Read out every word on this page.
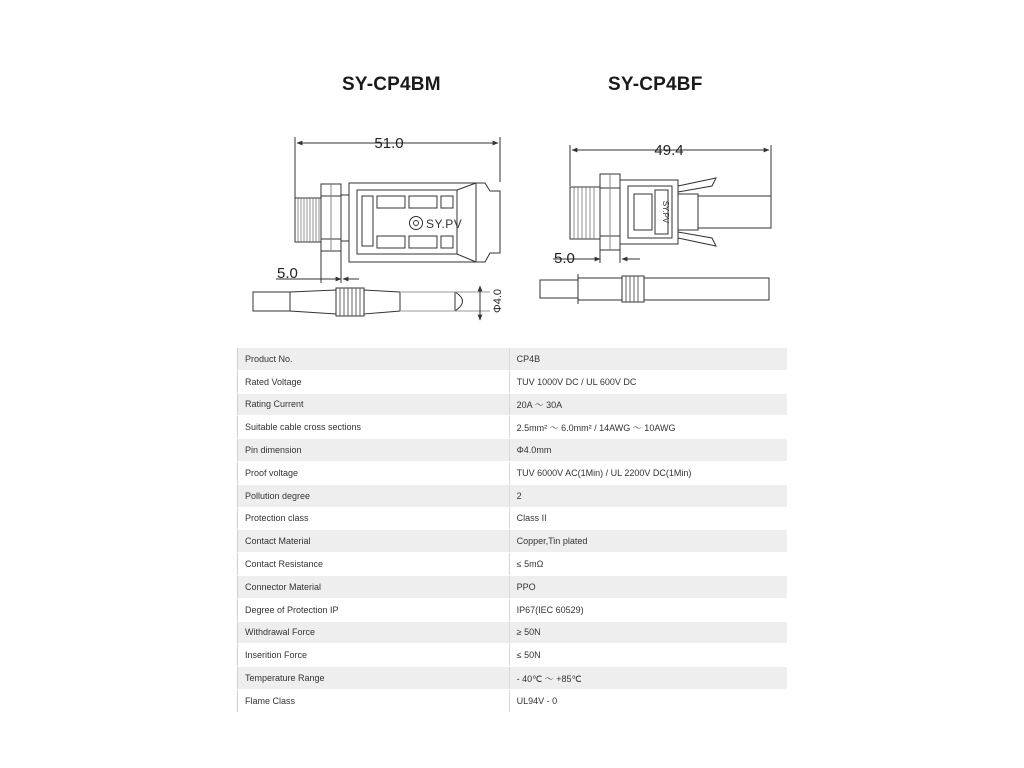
SY-CP4BM	SY-CP4BF
51.0
5.0
Φ4.0
SY.PV
49.4
5.0
SY.PV
Product No.	CP4B
Rated Voltage	TUV 1000V DC / UL 600V DC
Rating Current	20A ～ 30A
Suitable cable cross sections	2.5mm² ～ 6.0mm² / 14AWG ～ 10AWG
Pin dimension	Φ4.0mm
Proof voltage	TUV 6000V AC(1Min) / UL 2200V DC(1Min)
Pollution degree	2
Protection class	Class II
Contact Material	Copper,Tin plated
Contact Resistance	≤ 5mΩ
Connector Material	PPO
Degree of Protection IP	IP67(IEC 60529)
Withdrawal Force	≥ 50N
Inserition Force	≤ 50N
Temperature Range	- 40℃ ～ +85℃
Flame Class	UL94V - 0
